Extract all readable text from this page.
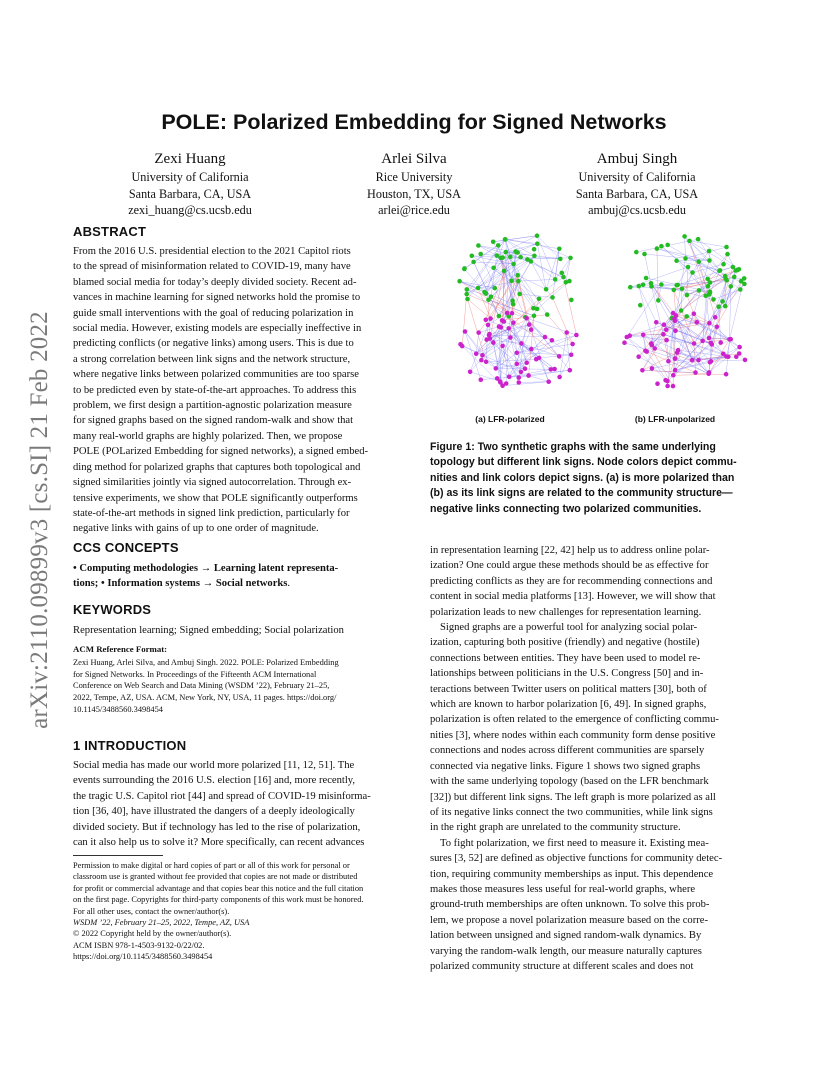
arXiv:2110.09899v3 [cs.SI] 21 Feb 2022
POLE: Polarized Embedding for Signed Networks
Zexi Huang
University of California
Santa Barbara, CA, USA
zexi_huang@cs.ucsb.edu
Arlei Silva
Rice University
Houston, TX, USA
arlei@rice.edu
Ambuj Singh
University of California
Santa Barbara, CA, USA
ambuj@cs.ucsb.edu
ABSTRACT
From the 2016 U.S. presidential election to the 2021 Capitol riots
to the spread of misinformation related to COVID-19, many have
blamed social media for today’s deeply divided society. Recent ad-
vances in machine learning for signed networks hold the promise to
guide small interventions with the goal of reducing polarization in
social media. However, existing models are especially ineffective in
predicting conflicts (or negative links) among users. This is due to
a strong correlation between link signs and the network structure,
where negative links between polarized communities are too sparse
to be predicted even by state-of-the-art approaches. To address this
problem, we first design a partition-agnostic polarization measure
for signed graphs based on the signed random-walk and show that
many real-world graphs are highly polarized. Then, we propose
POLE (POLarized Embedding for signed networks), a signed embed-
ding method for polarized graphs that captures both topological and
signed similarities jointly via signed autocorrelation. Through ex-
tensive experiments, we show that POLE significantly outperforms
state-of-the-art methods in signed link prediction, particularly for
negative links with gains of up to one order of magnitude.
CCS CONCEPTS
• Computing methodologies → Learning latent representa-
tions; • Information systems → Social networks.
KEYWORDS
Representation learning; Signed embedding; Social polarization
ACM Reference Format:
Zexi Huang, Arlei Silva, and Ambuj Singh. 2022. POLE: Polarized Embedding
for Signed Networks. In Proceedings of the Fifteenth ACM International
Conference on Web Search and Data Mining (WSDM ’22), February 21–25,
2022, Tempe, AZ, USA. ACM, New York, NY, USA, 11 pages. https://doi.org/
10.1145/3488560.3498454
1 INTRODUCTION
Social media has made our world more polarized [11, 12, 51]. The
events surrounding the 2016 U.S. election [16] and, more recently,
the tragic U.S. Capitol riot [44] and spread of COVID-19 misinforma-
tion [36, 40], have illustrated the dangers of a deeply ideologically
divided society. But if technology has led to the rise of polarization,
can it also help us to solve it? More specifically, can recent advances
Permission to make digital or hard copies of part or all of this work for personal or
classroom use is granted without fee provided that copies are not made or distributed
for profit or commercial advantage and that copies bear this notice and the full citation
on the first page. Copyrights for third-party components of this work must be honored.
For all other uses, contact the owner/author(s).
WSDM ’22, February 21–25, 2022, Tempe, AZ, USA
© 2022 Copyright held by the owner/author(s).
ACM ISBN 978-1-4503-9132-0/22/02.
https://doi.org/10.1145/3488560.3498454
(a) LFR-polarized	(b) LFR-unpolarized
Figure 1: Two synthetic graphs with the same underlying
topology but different link signs. Node colors depict commu-
nities and link colors depict signs. (a) is more polarized than
(b) as its link signs are related to the community structure—
negative links connecting two polarized communities.
in representation learning [22, 42] help us to address online polar-
ization? One could argue these methods should be as effective for
predicting conflicts as they are for recommending connections and
content in social media platforms [13]. However, we will show that
polarization leads to new challenges for representation learning.
Signed graphs are a powerful tool for analyzing social polar-
ization, capturing both positive (friendly) and negative (hostile)
connections between entities. They have been used to model re-
lationships between politicians in the U.S. Congress [50] and in-
teractions between Twitter users on political matters [30], both of
which are known to harbor polarization [6, 49]. In signed graphs,
polarization is often related to the emergence of conflicting commu-
nities [3], where nodes within each community form dense positive
connections and nodes across different communities are sparsely
connected via negative links. Figure 1 shows two signed graphs
with the same underlying topology (based on the LFR benchmark
[32]) but different link signs. The left graph is more polarized as all
of its negative links connect the two communities, while link signs
in the right graph are unrelated to the community structure.
To fight polarization, we first need to measure it. Existing mea-
sures [3, 52] are defined as objective functions for community detec-
tion, requiring community memberships as input. This dependence
makes those measures less useful for real-world graphs, where
ground-truth memberships are often unknown. To solve this prob-
lem, we propose a novel polarization measure based on the corre-
lation between unsigned and signed random-walk dynamics. By
varying the random-walk length, our measure naturally captures
polarized community structure at different scales and does not
